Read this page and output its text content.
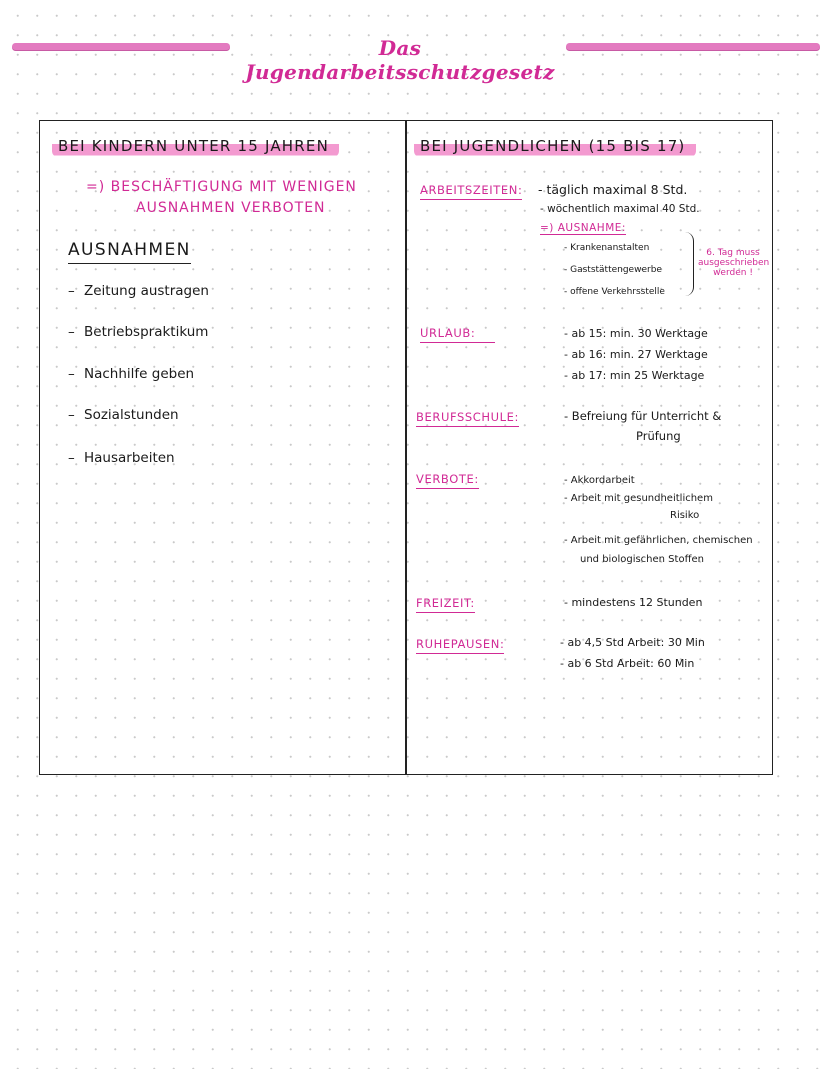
Das Jugendarbeitsschutzgesetz
BEI KINDERN UNTER 15 JAHREN
=) BESCHÄFTIGUNG MIT WENIGEN
AUSNAHMEN VERBOTEN
AUSNAHMEN
– Zeitung austragen
– Betriebspraktikum
– Nachhilfe geben
– Sozialstunden
– Hausarbeiten
BEI JUGENDLICHEN (15 BIS 17)
ARBEITSZEITEN: - täglich maximal 8 Std.
- wöchentlich maximal 40 Std.
=) AUSNAHME:
- Krankenanstalten
- Gaststättengewerbe
- offene Verkehrsstelle
6. Tag muss ausgeschrieben werden !
URLAUB:	- ab 15: min. 30 Werktage
- ab 16: min. 27 Werktage
- ab 17: min 25 Werktage
BERUFSSCHULE:	- Befreiung für Unterricht &
Prüfung
VERBOTE:	- Akkordarbeit
- Arbeit mit gesundheitlichem
Risiko
- Arbeit mit gefährlichen, chemischen
und biologischen Stoffen
FREIZEIT:	- mindestens 12 Stunden
RUHEPAUSEN:	- ab 4,5 Std Arbeit: 30 Min
- ab 6 Std Arbeit: 60 Min
